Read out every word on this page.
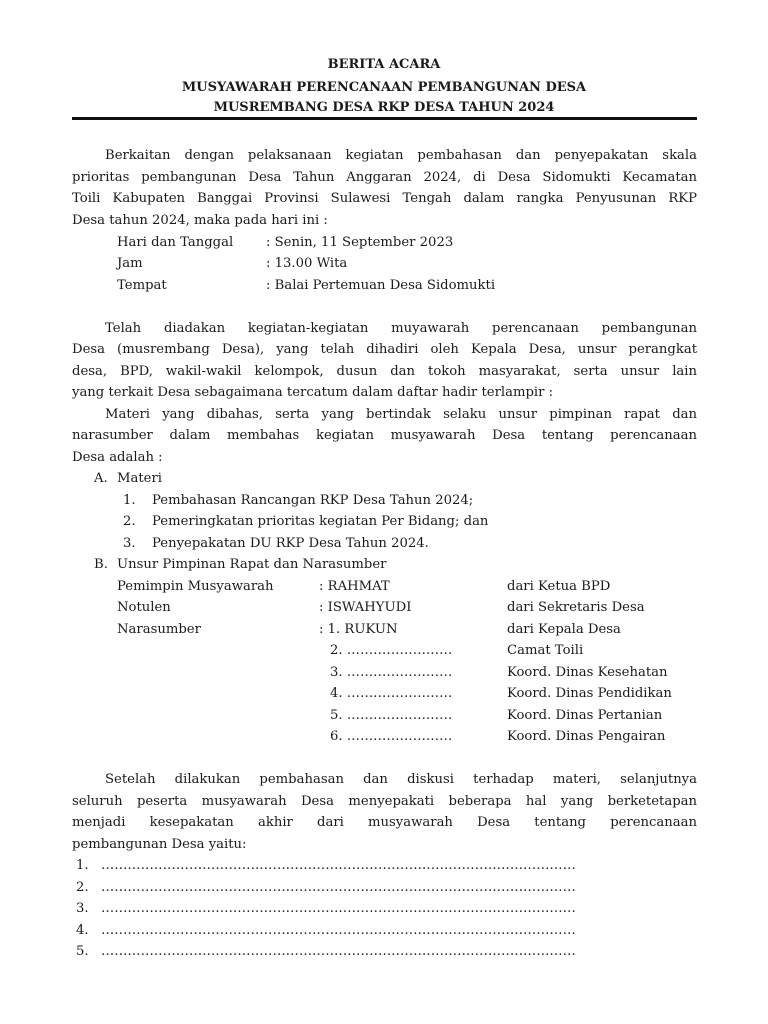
BERITA ACARA
MUSYAWARAH PERENCANAAN PEMBANGUNAN DESA
MUSREMBANG DESA RKP DESA TAHUN 2024
Berkaitan dengan pelaksanaan kegiatan pembahasan dan penyepakatan skala
prioritas pembangunan Desa Tahun Anggaran 2024, di Desa Sidomukti Kecamatan
Toili Kabupaten Banggai Provinsi Sulawesi Tengah dalam rangka Penyusunan RKP
Desa tahun 2024, maka pada hari ini :
Hari dan Tanggal : Senin, 11 September 2023
Jam	: 13.00 Wita
Tempat	: Balai Pertemuan Desa Sidomukti
Telah diadakan kegiatan-kegiatan muyawarah perencanaan pembangunan
Desa (musrembang Desa), yang telah dihadiri oleh Kepala Desa, unsur perangkat
desa, BPD, wakil-wakil kelompok, dusun dan tokoh masyarakat, serta unsur lain
yang terkait Desa sebagaimana tercatum dalam daftar hadir terlampir :
Materi yang dibahas, serta yang bertindak selaku unsur pimpinan rapat dan
narasumber dalam membahas kegiatan musyawarah Desa tentang perencanaan
Desa adalah :
A. Materi
1. Pembahasan Rancangan RKP Desa Tahun 2024;
2. Pemeringkatan prioritas kegiatan Per Bidang; dan
3. Penyepakatan DU RKP Desa Tahun 2024.
B. Unsur Pimpinan Rapat dan Narasumber
Pemimpin Musyawarah	: RAHMAT	dari Ketua BPD
Notulen	: ISWAHYUDI	dari Sekretaris Desa
Narasumber	: 1. RUKUN	dari Kepala Desa
2. ……………………	Camat Toili
3. ……………………	Koord. Dinas Kesehatan
4. ……………………	Koord. Dinas Pendidikan
5. ……………………	Koord. Dinas Pertanian
6. ……………………	Koord. Dinas Pengairan
Setelah dilakukan pembahasan dan diskusi terhadap materi, selanjutnya
seluruh peserta musyawarah Desa menyepakati beberapa hal yang berketetapan
menjadi kesepakatan akhir dari musyawarah Desa tentang perencanaan
pembangunan Desa yaitu:
1. ………………………………………………………………………………………………
2. ………………………………………………………………………………………………
3. ………………………………………………………………………………………………
4. ………………………………………………………………………………………………
5. ………………………………………………………………………………………………
